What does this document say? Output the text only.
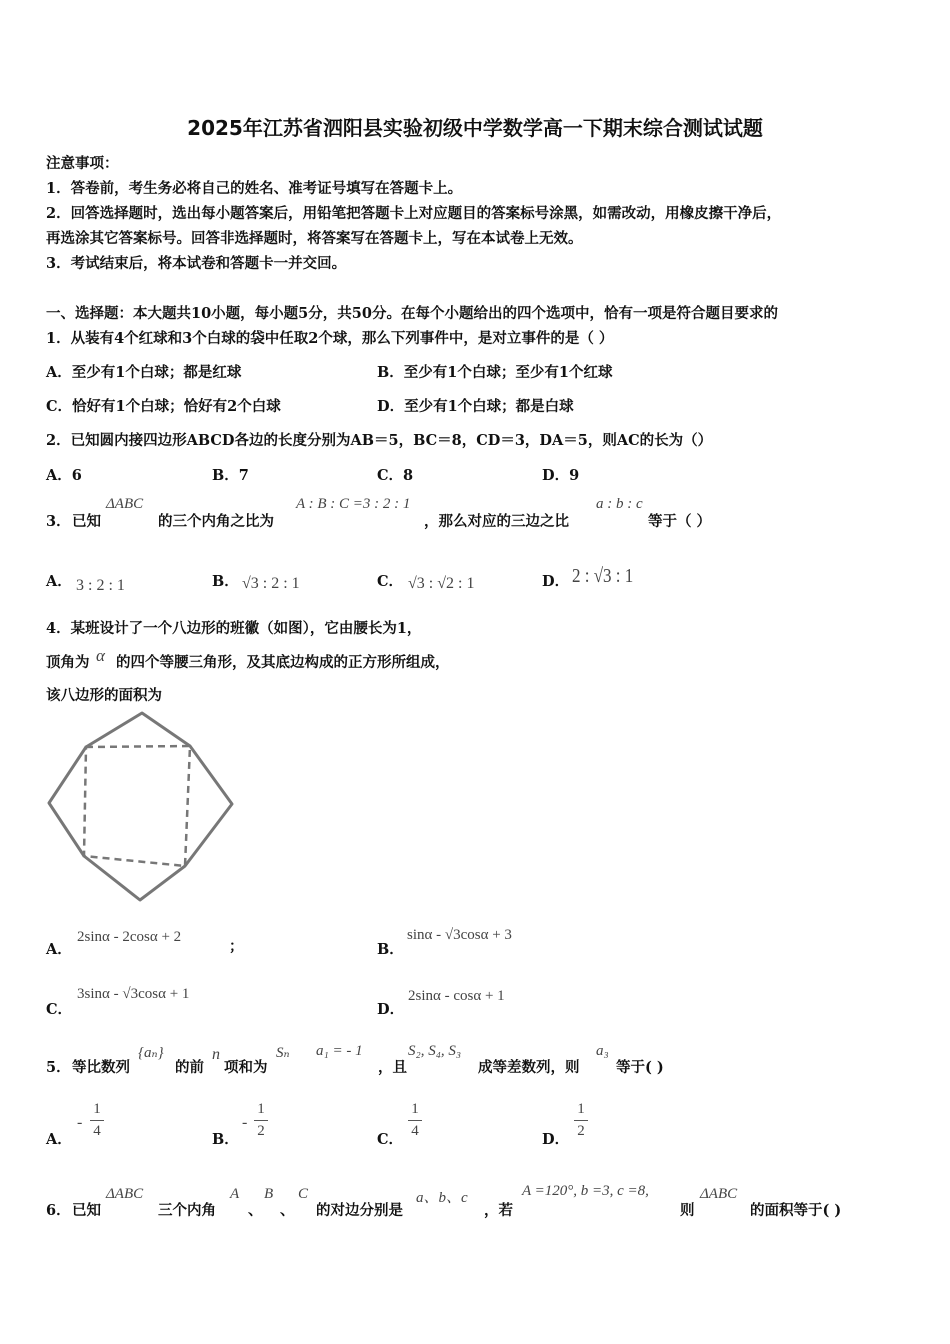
2025年江苏省泗阳县实验初级中学数学高一下期末综合测试试题
注意事项：
1．答卷前，考生务必将自己的姓名、准考证号填写在答题卡上。
2．回答选择题时，选出每小题答案后，用铅笔把答题卡上对应题目的答案标号涂黑，如需改动，用橡皮擦干净后，
再选涂其它答案标号。回答非选择题时，将答案写在答题卡上，写在本试卷上无效。
3．考试结束后，将本试卷和答题卡一并交回。
一、选择题：本大题共10小题，每小题5分，共50分。在每个小题给出的四个选项中，恰有一项是符合题目要求的
1．从装有4个红球和3个白球的袋中任取2个球，那么下列事件中，是对立事件的是（ ）
A．至少有1个白球；都是红球	B．至少有1个白球；至少有1个红球
C．恰好有1个白球；恰好有2个白球	D．至少有1个白球；都是白球
2．已知圆内接四边形ABCD各边的长度分别为AB＝5，BC＝8，CD＝3，DA＝5，则AC的长为（）
A．6	B．7	C．8	D．9
3． 已知
ΔABC
的三个内角之比为
A : B : C =3 : 2 : 1
，那么对应的三边之比
a : b : c
等于（ ）
A． 3 : 2 : 1	B． √3 : 2 : 1	C． √3 : √2 : 1	D． 2 : √3 : 1
4．某班设计了一个八边形的班徽（如图），它由腰长为1，
顶角为 α 的四个等腰三角形，及其底边构成的正方形所组成，
该八边形的面积为
A．
2sinα - 2cosα + 2
；	B．
sinα - √3cosα + 3
C．
3sinα - √3cosα + 1
D．
2sinα - cosα + 1
5． 等比数列
{aₙ}
的前
n
项和为
Sₙ a₁ = - 1
，且
S₂, S₄, S₃
成等差数列，则
a₃
等于( )
A．
-
1
4	B．
-
1
2	C．
1
4	D．
1
2
6． 已知
ΔABC
三个内角
A
、
B
、
C
的对边分别是
a、b、c
，若
A =120°, b =3, c =8,
则
ΔABC
的面积等于( )
